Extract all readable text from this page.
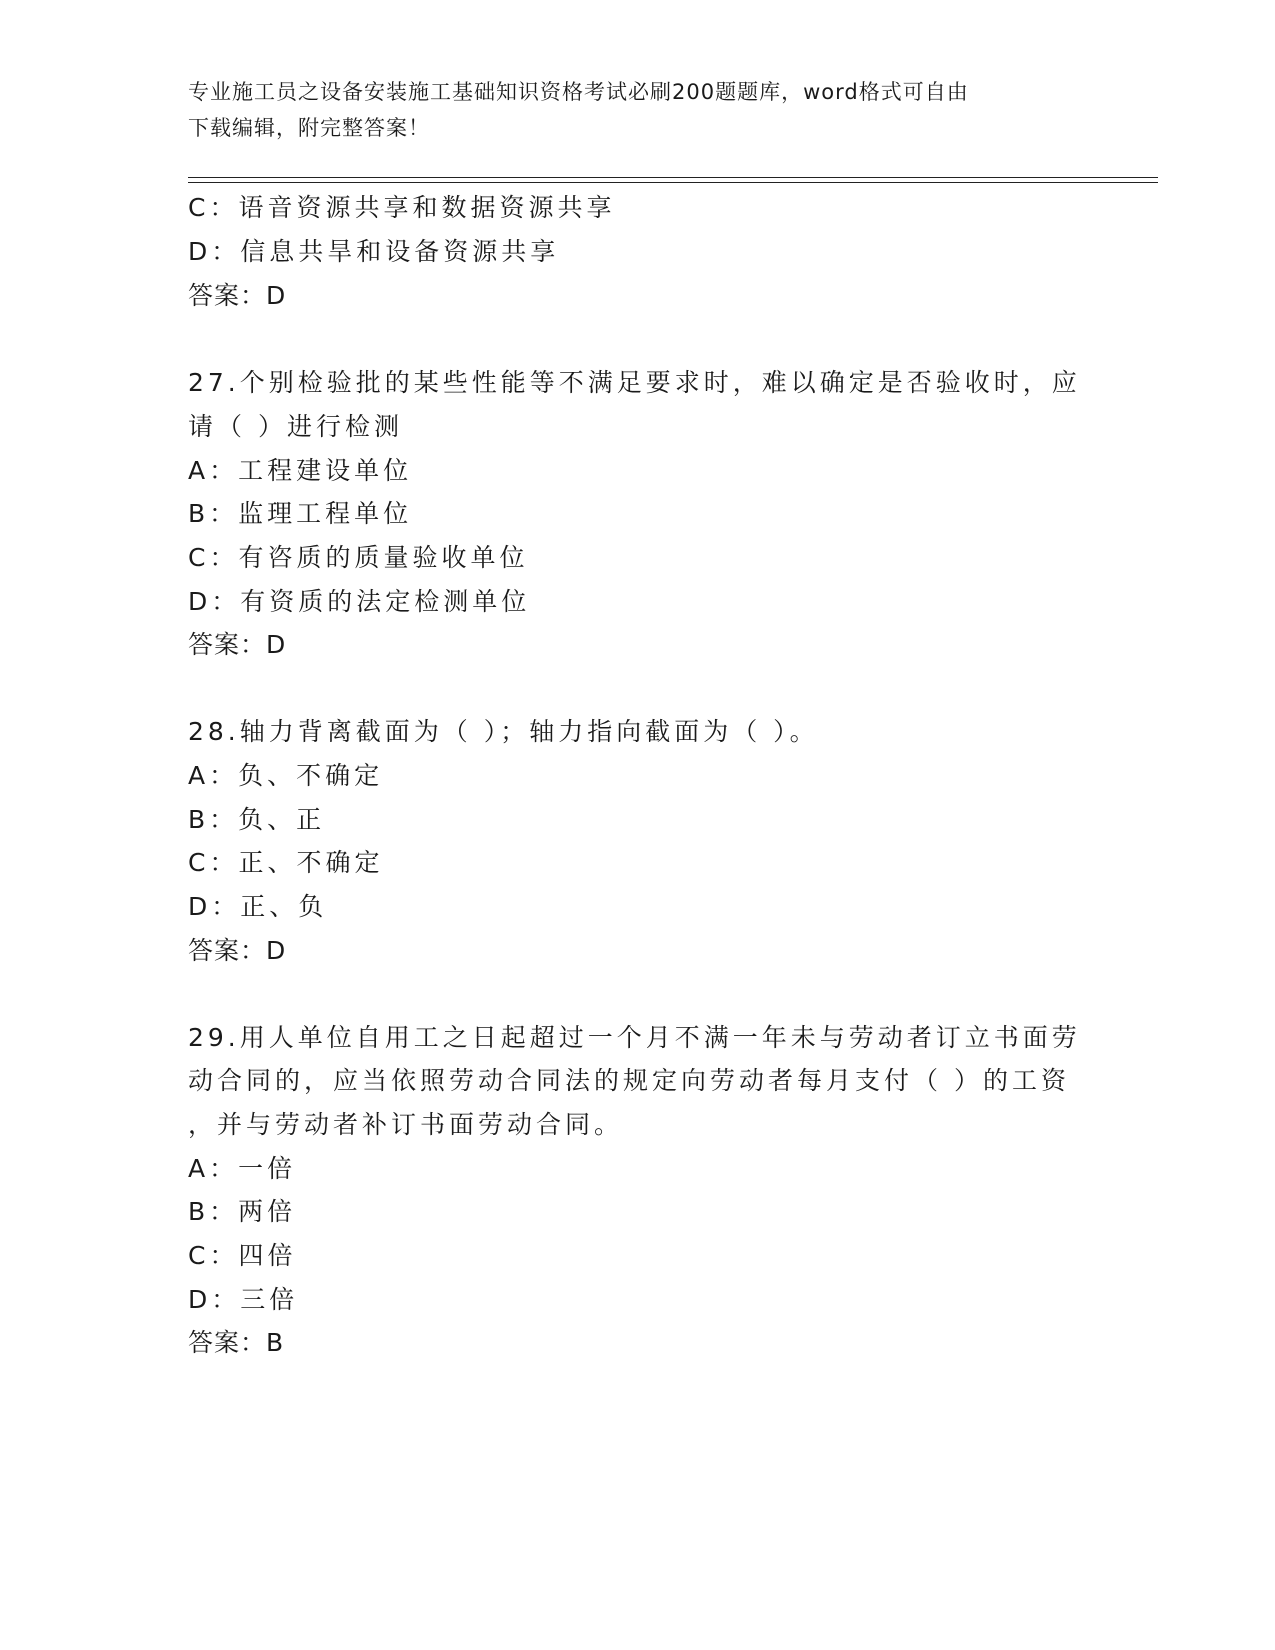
专业施工员之设备安装施工基础知识资格考试必刷200题题库，word格式可自由
下载编辑，附完整答案！
C：语音资源共享和数据资源共享
D：信息共旱和设备资源共享
答案：D
27.个别检验批的某些性能等不满足要求时，难以确定是否验收时，应
请（ ）进行检测
A：工程建设单位
B：监理工程单位
C：有咨质的质量验收单位
D：有资质的法定检测单位
答案：D
28.轴力背离截面为（ ）；轴力指向截面为（ ）。
A：负、不确定
B：负、正
C：正、不确定
D：正、负
答案：D
29.用人单位自用工之日起超过一个月不满一年未与劳动者订立书面劳
动合同的，应当依照劳动合同法的规定向劳动者每月支付（ ）的工资
，并与劳动者补订书面劳动合同。
A：一倍
B：两倍
C：四倍
D：三倍
答案：B
